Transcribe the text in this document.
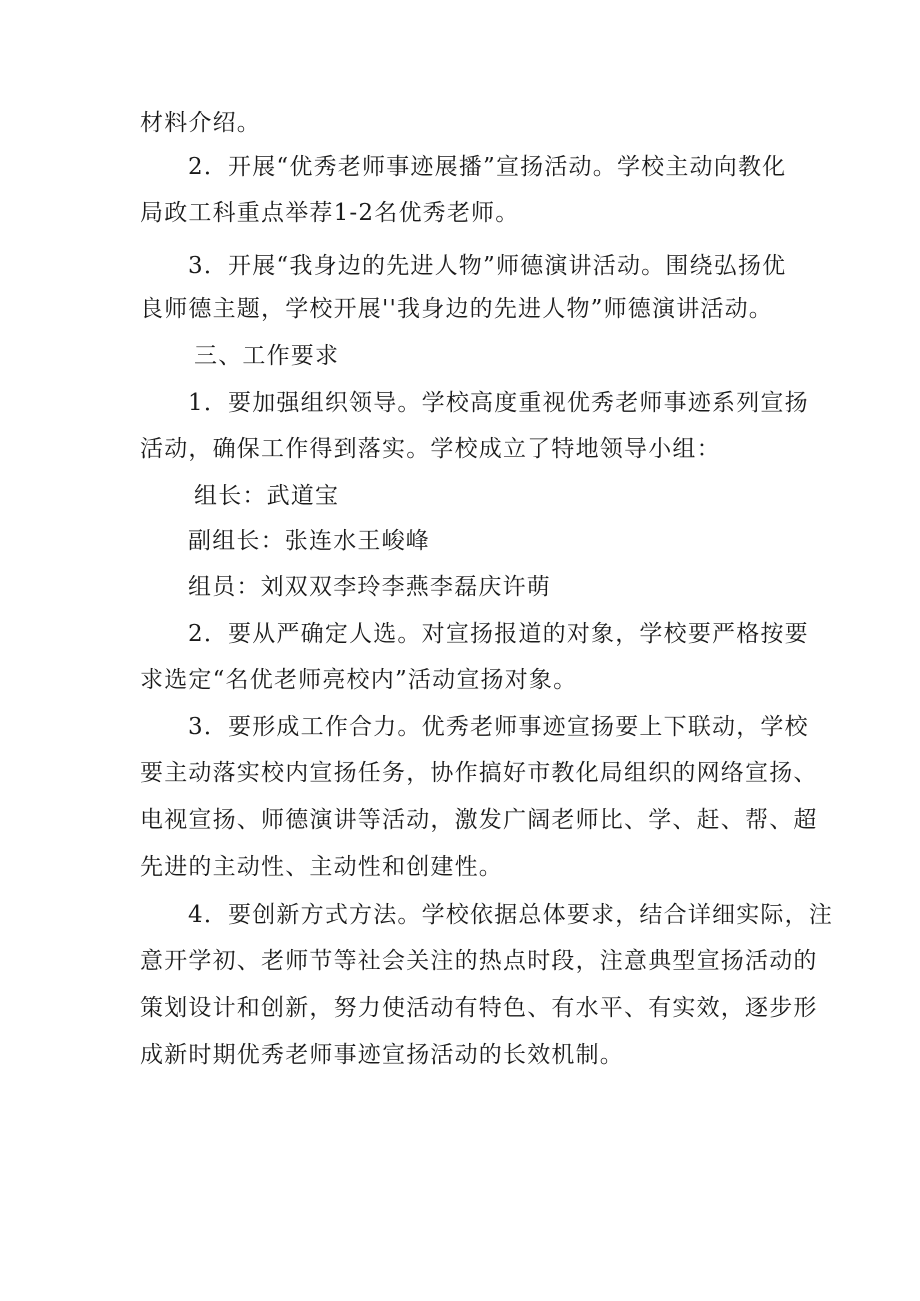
材料介绍。
2．开展“优秀老师事迹展播”宣扬活动。学校主动向教化
局政工科重点举荐1-2名优秀老师。
3．开展“我身边的先进人物”师德演讲活动。围绕弘扬优
良师德主题，学校开展''我身边的先进人物”师德演讲活动。
三、工作要求
1．要加强组织领导。学校高度重视优秀老师事迹系列宣扬
活动，确保工作得到落实。学校成立了特地领导小组：
组长：武道宝
副组长：张连水王峻峰
组员：刘双双李玲李燕李磊庆许萌
2．要从严确定人选。对宣扬报道的对象，学校要严格按要
求选定“名优老师亮校内”活动宣扬对象。
3．要形成工作合力。优秀老师事迹宣扬要上下联动，学校
要主动落实校内宣扬任务，协作搞好市教化局组织的网络宣扬、
电视宣扬、师德演讲等活动，激发广阔老师比、学、赶、帮、超
先进的主动性、主动性和创建性。
4．要创新方式方法。学校依据总体要求，结合详细实际，注
意开学初、老师节等社会关注的热点时段，注意典型宣扬活动的
策划设计和创新，努力使活动有特色、有水平、有实效，逐步形
成新时期优秀老师事迹宣扬活动的长效机制。
